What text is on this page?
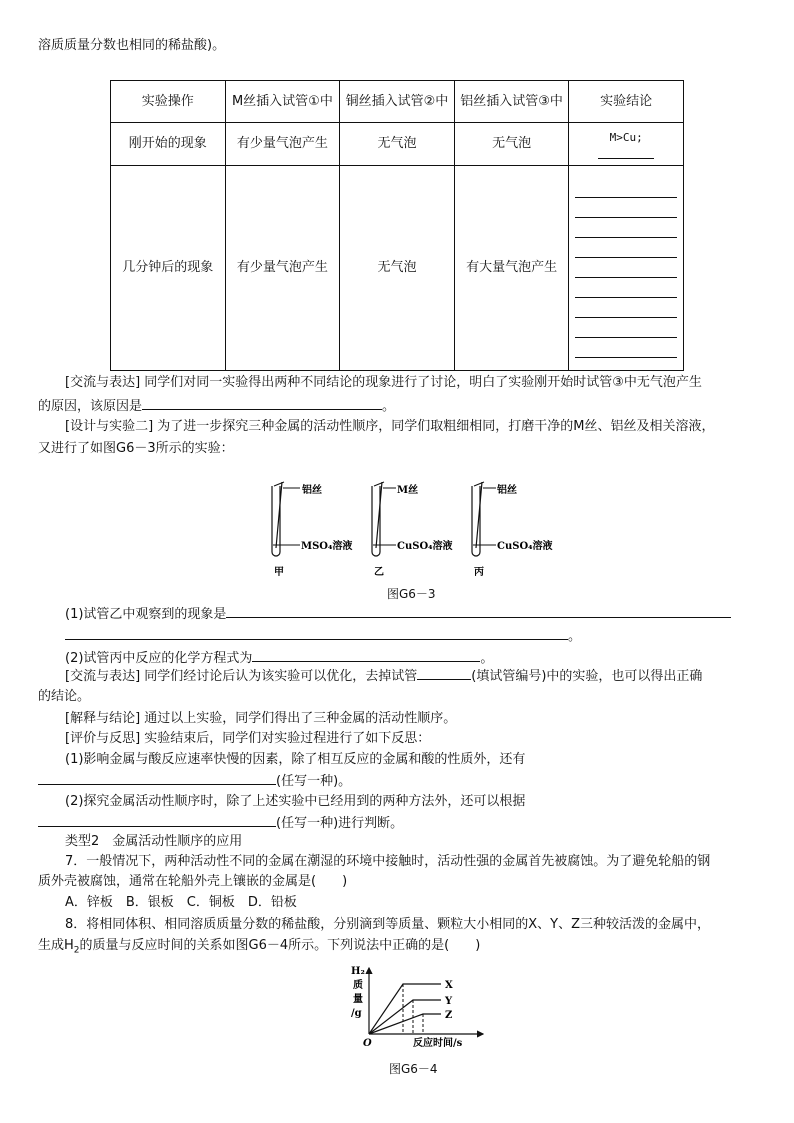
溶质质量分数也相同的稀盐酸)。
实验操作	M丝插入试管①中	铜丝插入试管②中	铝丝插入试管③中	实验结论
刚开始的现象	有少量气泡产生	无气泡	无气泡	M>Cu;

几分钟后的现象	有少量气泡产生	无气泡	有大量气泡产生	
[交流与表达] 同学们对同一实验得出两种不同结论的现象进行了讨论，明白了实验刚开始时试管③中无气泡产生
的原因，该原因是	。
[设计与实验二] 为了进一步探究三种金属的活动性顺序，同学们取粗细相同，打磨干净的M丝、铝丝及相关溶液，
又进行了如图G6－3所示的实验：
铝丝
MSO₄溶液
甲
M丝
CuSO₄溶液
乙
铝丝
CuSO₄溶液
丙
图G6－3
(1)试管乙中观察到的现象是
。
(2)试管丙中反应的化学方程式为	。
[交流与表达] 同学们经讨论后认为该实验可以优化，去掉试管	(填试管编号)中的实验，也可以得出正确
的结论。
[解释与结论] 通过以上实验，同学们得出了三种金属的活动性顺序。
[评价与反思] 实验结束后，同学们对实验过程进行了如下反思：
(1)影响金属与酸反应速率快慢的因素，除了相互反应的金属和酸的性质外，还有
(任写一种)。
(2)探究金属活动性顺序时，除了上述实验中已经用到的两种方法外，还可以根据
(任写一种)进行判断。
类型2　金属活动性顺序的应用
7．一般情况下，两种活动性不同的金属在潮湿的环境中接触时，活动性强的金属首先被腐蚀。为了避免轮船的钢
质外壳被腐蚀，通常在轮船外壳上镶嵌的金属是(　　)
A．锌板　B．银板　C．铜板　D．铅板
8．将相同体积、相同溶质质量分数的稀盐酸，分别滴到等质量、颗粒大小相同的X、Y、Z三种较活泼的金属中，
生成$H_2$的质量与反应时间的关系如图G6－4所示。下列说法中正确的是(　　)
H₂
质
量
/g
O	反应时间/s
X
Y
Z
图G6－4
